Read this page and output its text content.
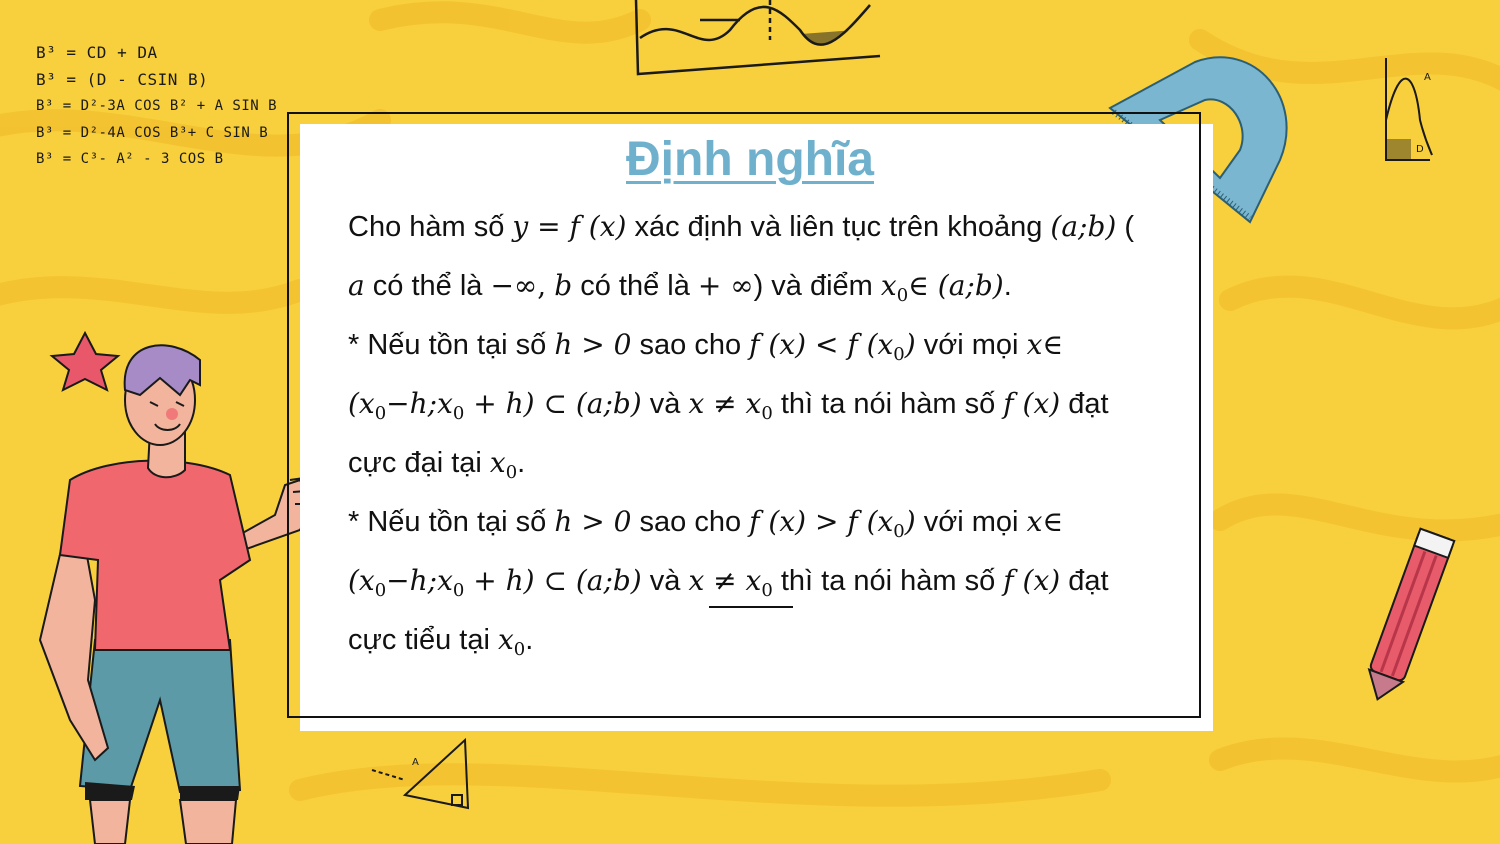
A
D
A
B³ = CD + DA
B³ = (D - CSIN B)
B³ = D²-3A COS B² + A SIN B
B³ = D²-4A COS B³+ C SIN B
B³ = C³- A² - 3 COS B	Định nghĩa
Cho hàm số y = f (x) xác định và liên tục trên khoảng (a;b) (
a có thể là −∞, b có thể là + ∞) và điểm $x_0\in$ (a;b).
* Nếu tồn tại số h > 0 sao cho f (x) < f $(x_0)$ với mọi x∈
$(x_0-h;x_0 + h)$ ⊂ (a;b) và $x \ne x_0$ thì ta nói hàm số f (x) đạt
cực đại tại $x_0$.
* Nếu tồn tại số h > 0 sao cho f (x) > f $(x_0)$ với mọi x∈
$(x_0-h;x_0 + h)$ ⊂ (a;b) và $x \ne x_0$ thì ta nói hàm số f (x) đạt
cực tiểu tại $x_0$.
